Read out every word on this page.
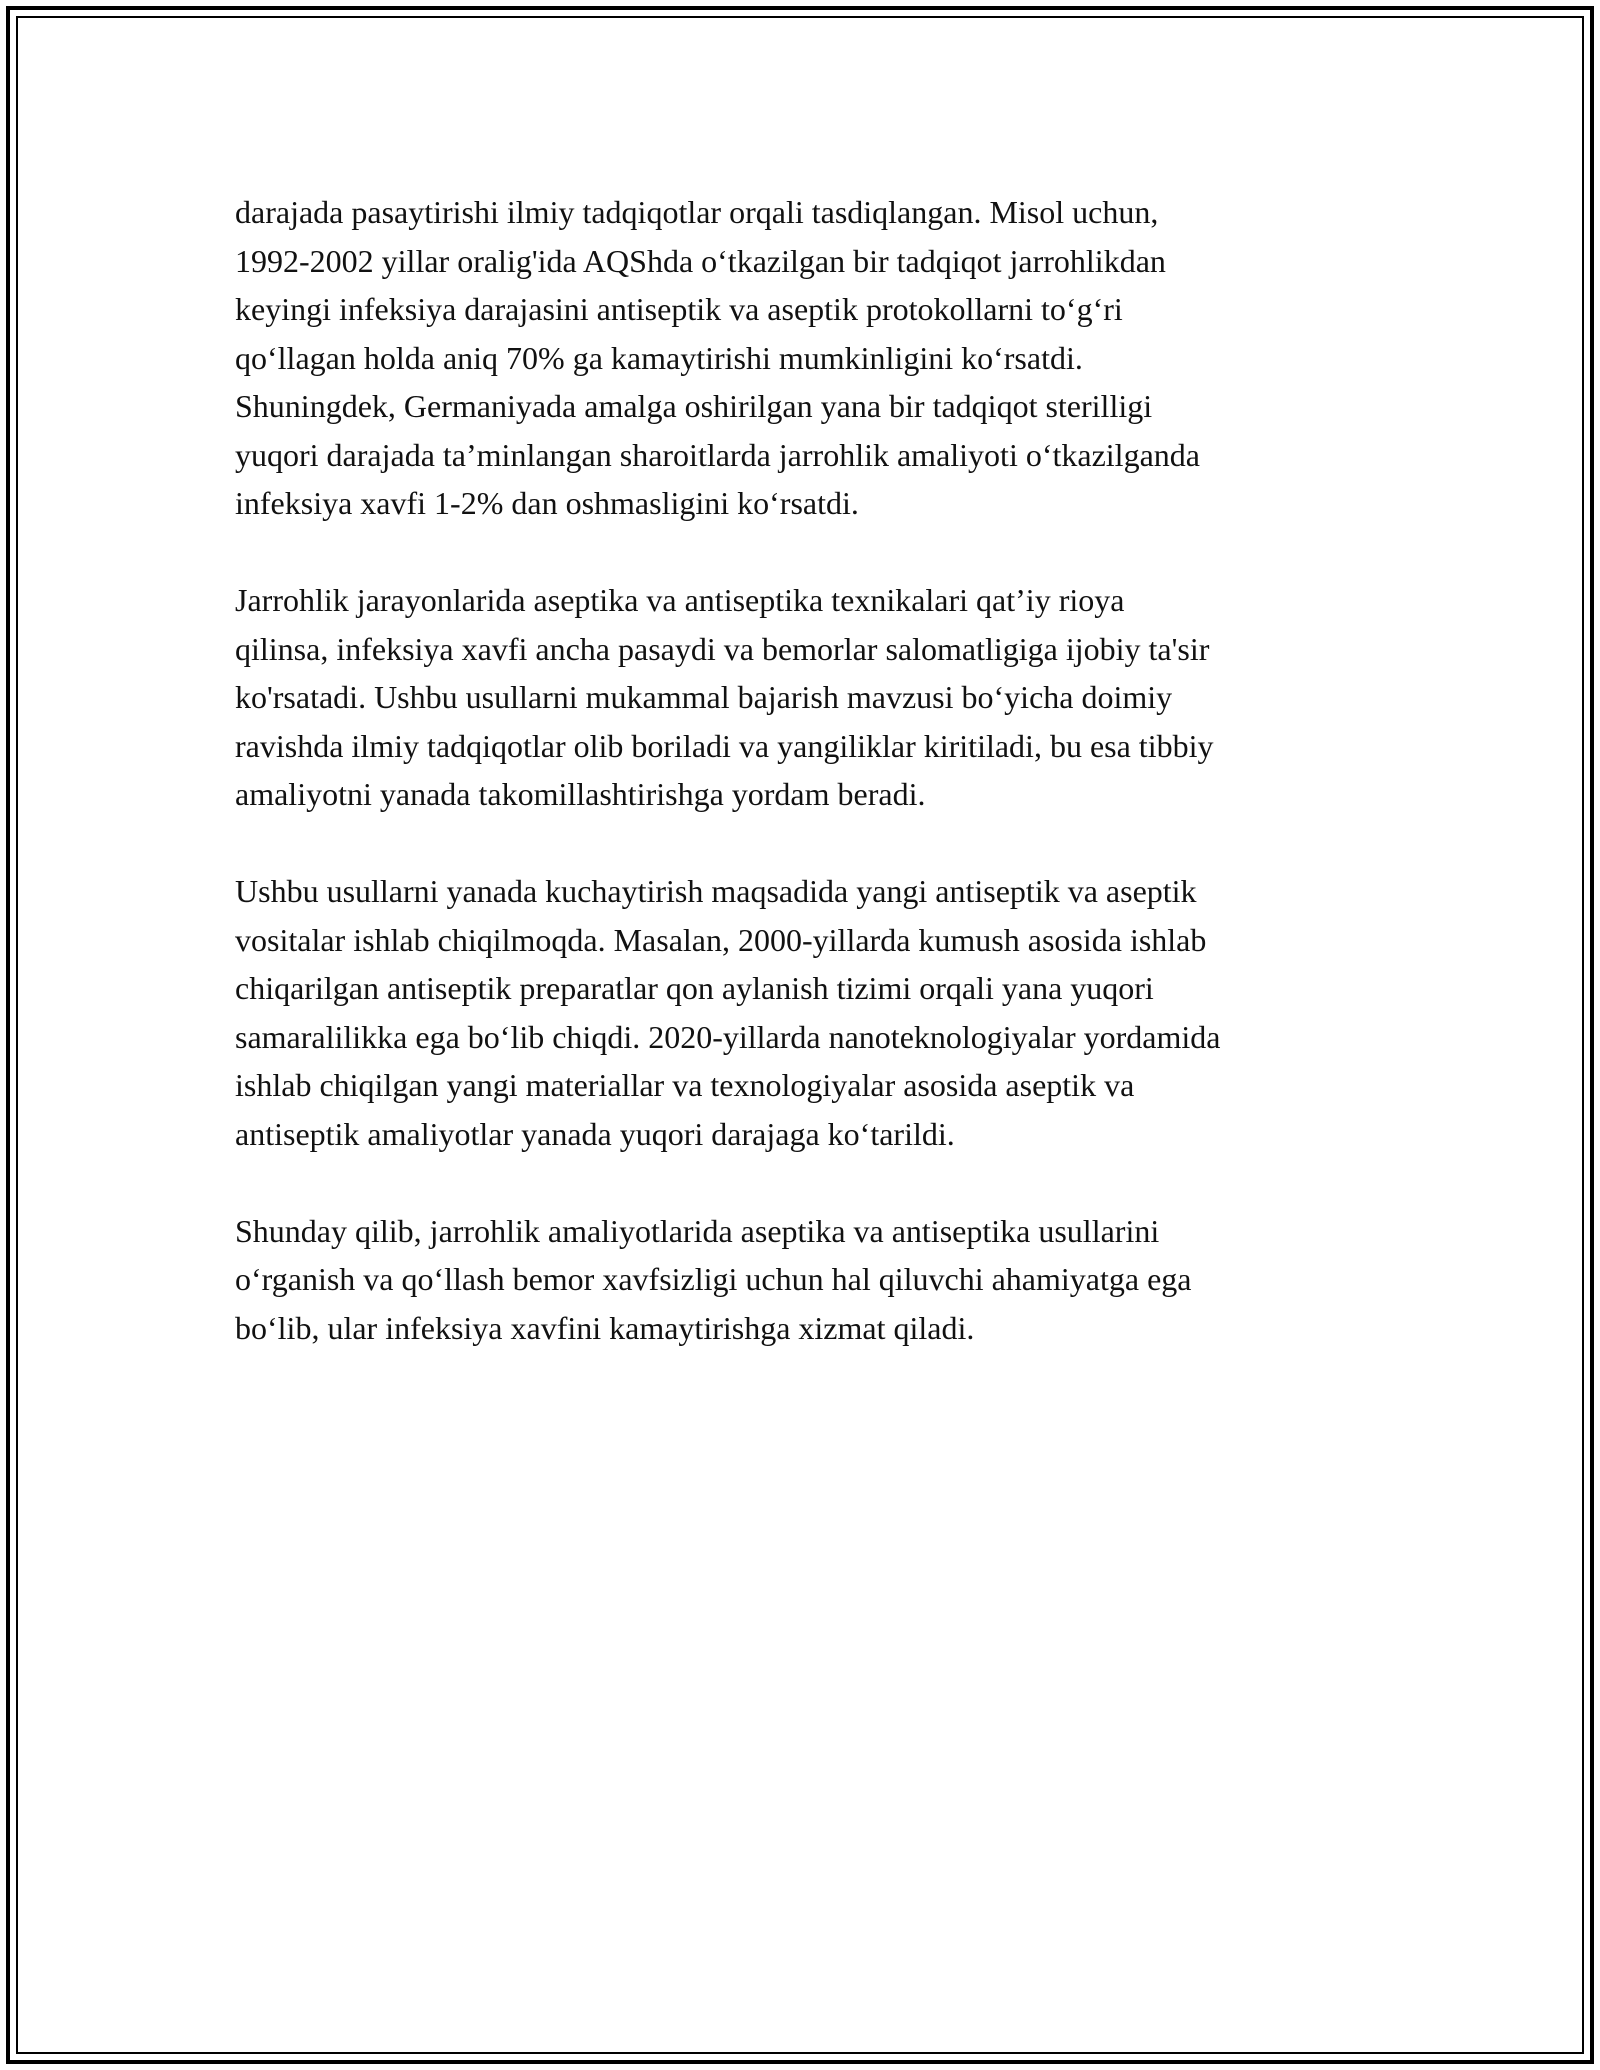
darajada pasaytirishi ilmiy tadqiqotlar orqali tasdiqlangan. Misol uchun,
1992-2002 yillar oralig'ida AQShda o‘tkazilgan bir tadqiqot jarrohlikdan
keyingi infeksiya darajasini antiseptik va aseptik protokollarni to‘g‘ri
qo‘llagan holda aniq 70% ga kamaytirishi mumkinligini ko‘rsatdi.
Shuningdek, Germaniyada amalga oshirilgan yana bir tadqiqot sterilligi
yuqori darajada ta’minlangan sharoitlarda jarrohlik amaliyoti o‘tkazilganda
infeksiya xavfi 1-2% dan oshmasligini ko‘rsatdi.

Jarrohlik jarayonlarida aseptika va antiseptika texnikalari qat’iy rioya
qilinsa, infeksiya xavfi ancha pasaydi va bemorlar salomatligiga ijobiy ta'sir
ko'rsatadi. Ushbu usullarni mukammal bajarish mavzusi bo‘yicha doimiy
ravishda ilmiy tadqiqotlar olib boriladi va yangiliklar kiritiladi, bu esa tibbiy
amaliyotni yanada takomillashtirishga yordam beradi.

Ushbu usullarni yanada kuchaytirish maqsadida yangi antiseptik va aseptik
vositalar ishlab chiqilmoqda. Masalan, 2000-yillarda kumush asosida ishlab
chiqarilgan antiseptik preparatlar qon aylanish tizimi orqali yana yuqori
samaralilikka ega bo‘lib chiqdi. 2020-yillarda nanoteknologiyalar yordamida
ishlab chiqilgan yangi materiallar va texnologiyalar asosida aseptik va
antiseptik amaliyotlar yanada yuqori darajaga ko‘tarildi.

Shunday qilib, jarrohlik amaliyotlarida aseptika va antiseptika usullarini
o‘rganish va qo‘llash bemor xavfsizligi uchun hal qiluvchi ahamiyatga ega
bo‘lib, ular infeksiya xavfini kamaytirishga xizmat qiladi.
